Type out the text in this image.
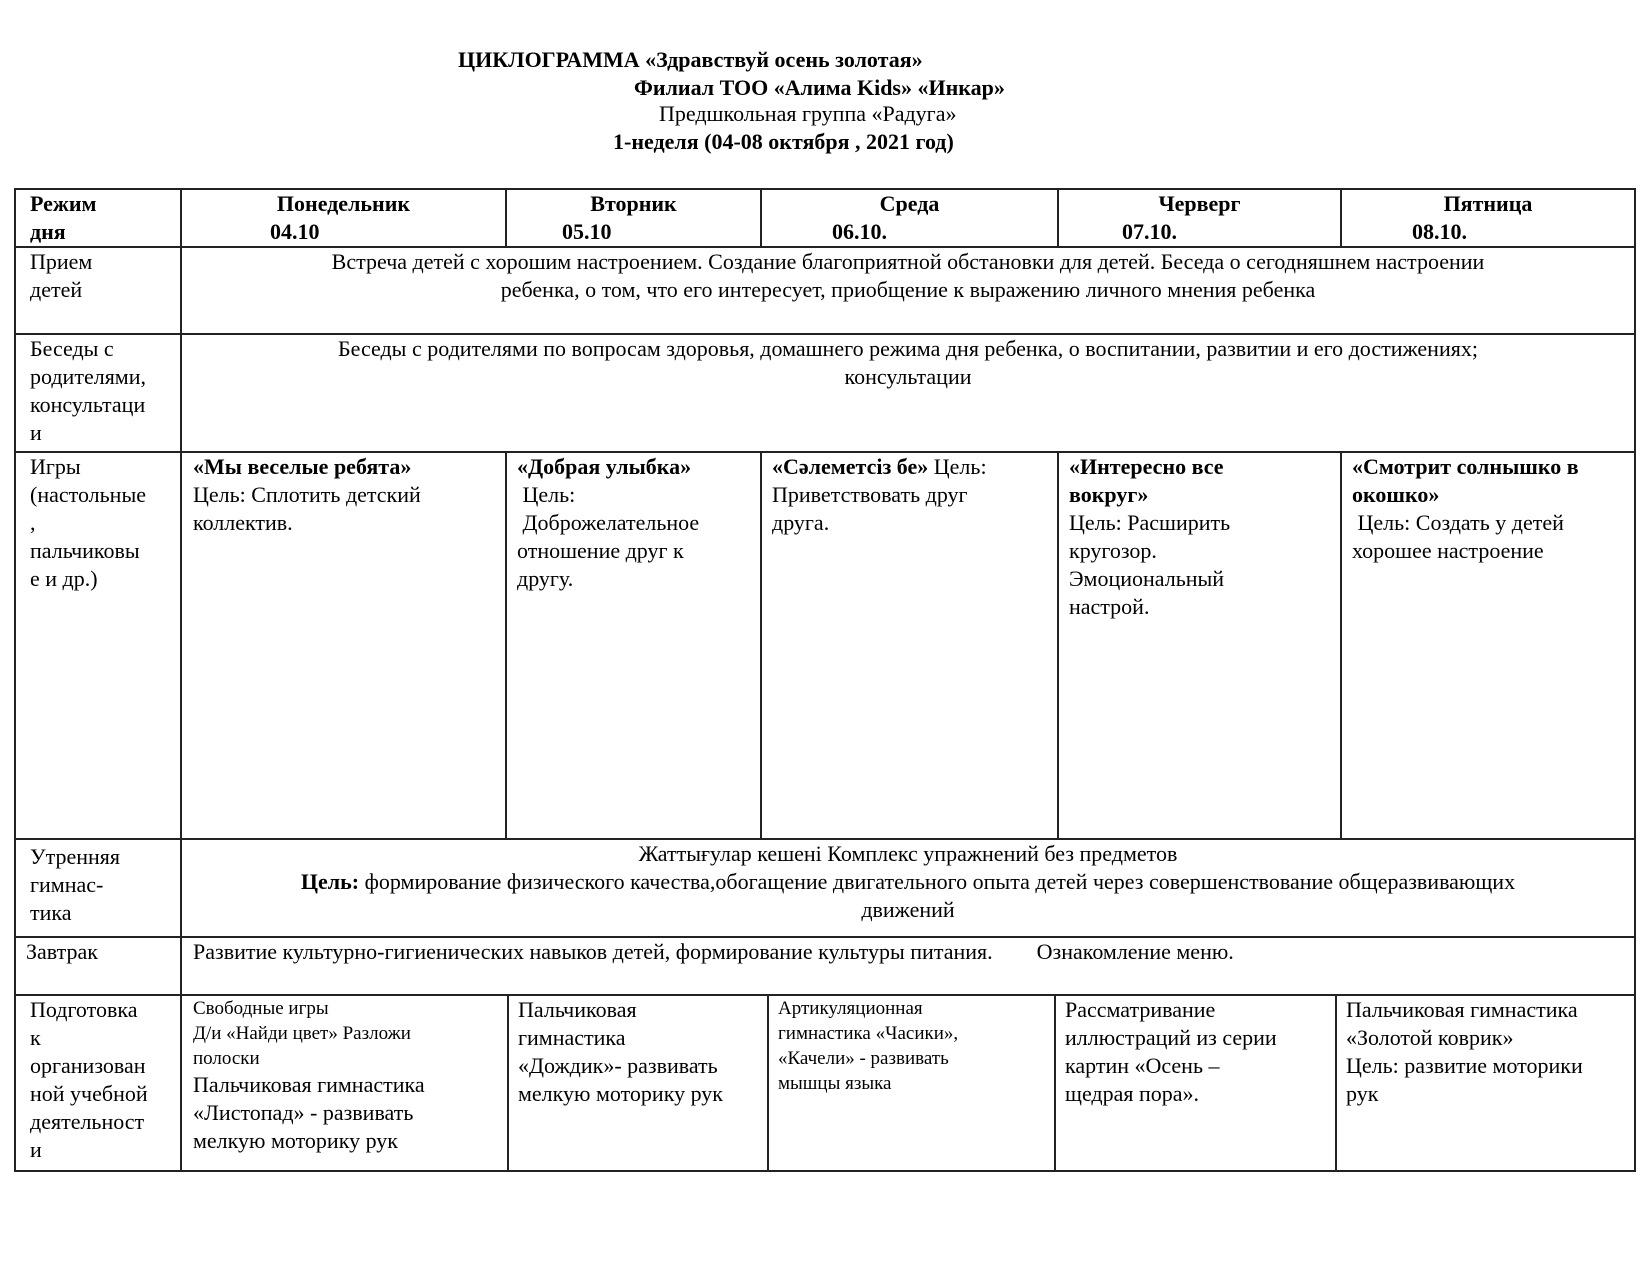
ЦИКЛОГРАММА «Здравствуй осень золотая»
Филиал ТОО «Алима Kids» «Инкар»
Предшкольная группа «Радуга»
1-неделя (04-08 октября , 2021 год)

Режим

дня

Понедельник
04.10
Вторник
05.10
Среда
06.10.
Черверг
07.10.
Пятница
08.10.

Прием

детей

Встреча детей с хорошим настроением. Создание благоприятной обстановки для детей. Беседа о сегодняшнем настроении

ребенка, о том, что его интересует, приобщение к выражению личного мнения ребенка

Беседы с

родителями,

консультаци

и

Беседы с родителями по вопросам здоровья, домашнего режима дня ребенка, о воспитании, развитии и его достижениях;

консультации

Игры

(настольные

,

пальчиковы

е и др.)

«Мы веселые ребята»

Цель: Сплотить детский

коллектив.

«Добрая улыбка»

Цель:

Доброжелательное

отношение друг к

другу.

«Сәлеметсіз бе» Цель:

Приветствовать друг

друга.

«Интересно все

вокруг»

Цель: Расширить

кругозор.

Эмоциональный

настрой.

«Смотрит солнышко в

окошко»

Цель: Создать у детей

хорошее настроение

Утренняя

гимнас-

тика

Жаттығулар кешені Комплекс упражнений без предметов

Цель: формирование физического качества,обогащение двигательного опыта детей через совершенствование общеразвивающих

движений

Завтрак	Развитие культурно-гигиенических навыков детей, формирование культуры питания. Ознакомление меню.

Подготовка

к

организован

ной учебной

деятельност

и

Свободные игры

Д/и «Найди цвет» Разложи

полоски

Пальчиковая гимнастика

«Листопад» - развивать

мелкую моторику рук

Пальчиковая

гимнастика

«Дождик»- развивать

мелкую моторику рук

Артикуляционная

гимнастика «Часики»,

«Качели» - развивать

мышцы языка

Рассматривание

иллюстраций из серии

картин «Осень –

щедрая пора».

Пальчиковая гимнастика

«Золотой коврик»

Цель: развитие моторики

рук
